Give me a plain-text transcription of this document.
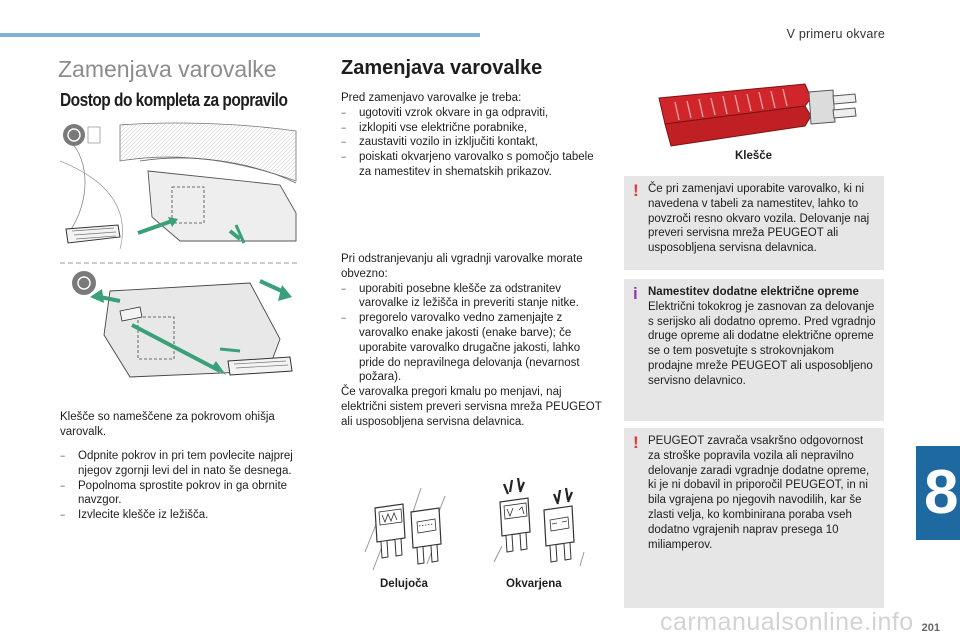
V primeru okvare
8
Zamenjava varovalke
Dostop do kompleta za popravilo
Klešče so nameščene za pokrovom ohišja varovalk.
− Odpnite pokrov in pri tem povlecite najprej njegov zgornji levi del in nato še desnega.
− Popolnoma sprostite pokrov in ga obrnite navzgor.
− Izvlecite klešče iz ležišča.
Zamenjava varovalke
Pred zamenjavo varovalke je treba:
− ugotoviti vzrok okvare in ga odpraviti,
− izklopiti vse električne porabnike,
− zaustaviti vozilo in izključiti kontakt,
− poiskati okvarjeno varovalko s pomočjo tabele za namestitev in shematskih prikazov.
Pri odstranjevanju ali vgradnji varovalke morate obvezno:
− uporabiti posebne klešče za odstranitev varovalke iz ležišča in preveriti stanje nitke.
− pregorelo varovalko vedno zamenjajte z varovalko enake jakosti (enake barve); če uporabite varovalko drugačne jakosti, lahko pride do nepravilnega delovanja (nevarnost požara).
Če varovalka pregori kmalu po menjavi, naj električni sistem preveri servisna mreža PEUGEOT ali usposobljena servisna delavnica.
Delujoča	Okvarjena
Klešče
! Če pri zamenjavi uporabite varovalko, ki ni navedena v tabeli za namestitev, lahko to povzroči resno okvaro vozila. Delovanje naj preveri servisna mreža PEUGEOT ali usposobljena servisna delavnica.
i Namestitev dodatne električne opreme
Električni tokokrog je zasnovan za delovanje s serijsko ali dodatno opremo. Pred vgradnjo druge opreme ali dodatne električne opreme se o tem posvetujte s strokovnjakom prodajne mreže PEUGEOT ali usposobljeno servisno delavnico.
! PEUGEOT zavrača vsakršno odgovornost za stroške popravila vozila ali nepravilno delovanje zaradi vgradnje dodatne opreme, ki je ni dobavil in priporočil PEUGEOT, in ni bila vgrajena po njegovih navodilih, kar še zlasti velja, ko kombinirana poraba vseh dodatno vgrajenih naprav presega 10 miliamperov.
carmanualsonline.info 201
